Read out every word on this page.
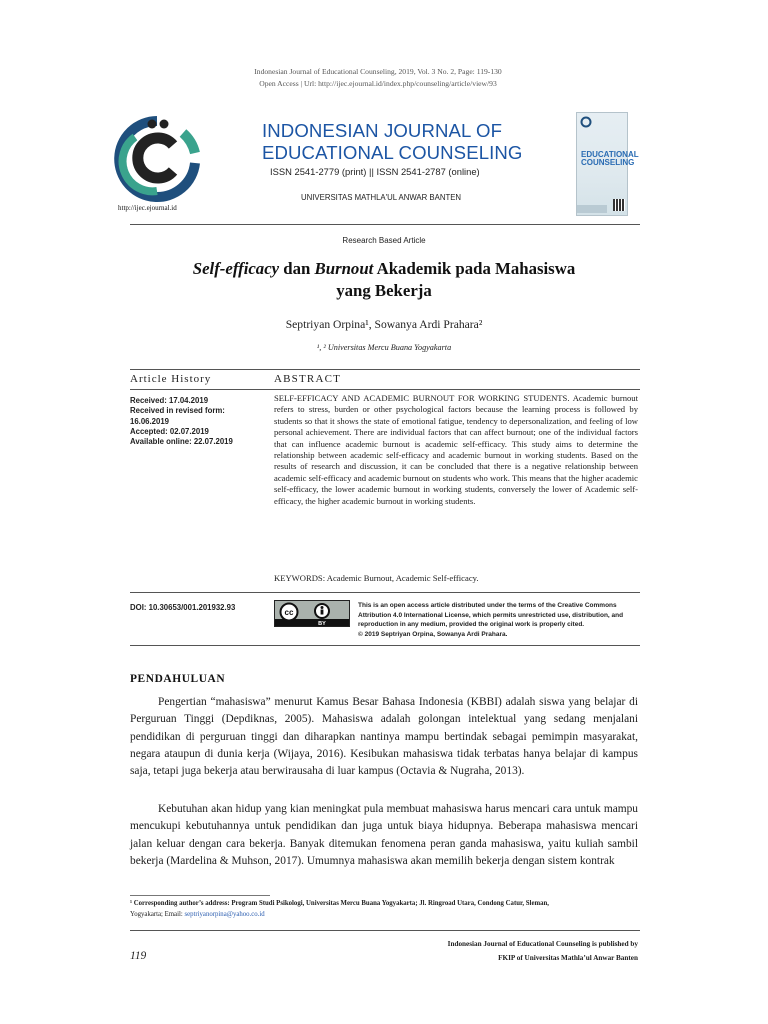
Indonesian Journal of Educational Counseling, 2019, Vol. 3 No. 2, Page: 119-130
Open Access | Url: http://ijec.ejournal.id/index.php/counseling/article/view/93
http://ijec.ejournal.id
INDONESIAN JOURNAL OF
EDUCATIONAL COUNSELING
ISSN 2541-2779 (print) || ISSN 2541-2787 (online)
UNIVERSITAS MATHLA'UL ANWAR BANTEN
EDUCATIONAL COUNSELING
Research Based Article
Self-efficacy dan Burnout Akademik pada Mahasiswa
yang Bekerja
Septriyan Orpina¹, Sowanya Ardi Prahara²
¹, ² Universitas Mercu Buana Yogyakarta
Article History	ABSTRACT
Received: 17.04.2019
Received in revised form:
16.06.2019
Accepted: 02.07.2019
Available online: 22.07.2019
SELF-EFFICACY AND ACADEMIC BURNOUT FOR WORKING STUDENTS. Academic burnout refers to stress, burden or other psychological factors because the learning process is followed by students so that it shows the state of emotional fatigue, tendency to depersonalization, and feeling of low personal achievement. There are individual factors that can affect burnout; one of the individual factors that can influence academic burnout is academic self-efficacy. This study aims to determine the relationship between academic self-efficacy and academic burnout in working students. Based on the results of research and discussion, it can be concluded that there is a negative relationship between academic self-efficacy and academic burnout on students who work. This means that the higher academic self-efficacy, the lower academic burnout in working students, conversely the lower of Academic self-efficacy, the higher academic burnout in working students.
KEYWORDS: Academic Burnout, Academic Self-efficacy.
DOI: 10.30653/001.201932.93
cc
BY
This is an open access article distributed under the terms of the Creative Commons
Attribution 4.0 International License, which permits unrestricted use, distribution, and
reproduction in any medium, provided the original work is properly cited.
© 2019 Septriyan Orpina, Sowanya Ardi Prahara.
PENDAHULUAN
Pengertian “mahasiswa” menurut Kamus Besar Bahasa Indonesia (KBBI) adalah siswa yang belajar di Perguruan Tinggi (Depdiknas, 2005). Mahasiswa adalah golongan intelektual yang sedang menjalani pendidikan di perguruan tinggi dan diharapkan nantinya mampu bertindak sebagai pemimpin masyarakat, negara ataupun di dunia kerja (Wijaya, 2016). Kesibukan mahasiswa tidak terbatas hanya belajar di kampus saja, tetapi juga bekerja atau berwirausaha di luar kampus (Octavia & Nugraha, 2013).
Kebutuhan akan hidup yang kian meningkat pula membuat mahasiswa harus mencari cara untuk mampu mencukupi kebutuhannya untuk pendidikan dan juga untuk biaya hidupnya. Beberapa mahasiswa mencari jalan keluar dengan cara bekerja. Banyak ditemukan fenomena peran ganda mahasiswa, yaitu kuliah sambil bekerja (Mardelina & Muhson, 2017). Umumnya mahasiswa akan memilih bekerja dengan sistem kontrak
¹ Corresponding author’s address: Program Studi Psikologi, Universitas Mercu Buana Yogyakarta; Jl. Ringroad Utara, Condong Catur, Sleman,
Yogyakarta; Email: septriyanorpina@yahoo.co.id
Indonesian Journal of Educational Counseling is published by
FKIP of Universitas Mathla’ul Anwar Banten
119
